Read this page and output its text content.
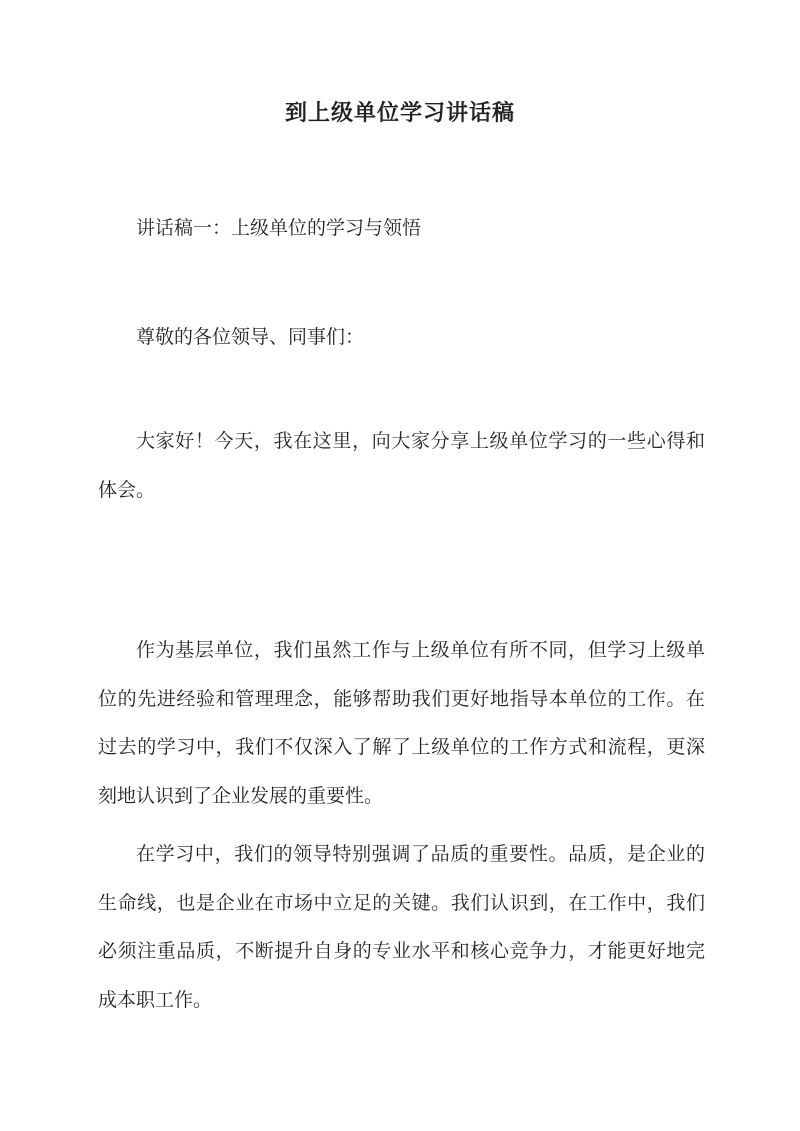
到上级单位学习讲话稿

讲话稿一：上级单位的学习与领悟

尊敬的各位领导、同事们：

大家好！今天，我在这里，向大家分享上级单位学习的一些心得和体会。

作为基层单位，我们虽然工作与上级单位有所不同，但学习上级单位的先进经验和管理理念，能够帮助我们更好地指导本单位的工作。在过去的学习中，我们不仅深入了解了上级单位的工作方式和流程，更深刻地认识到了企业发展的重要性。

在学习中，我们的领导特别强调了品质的重要性。品质，是企业的生命线，也是企业在市场中立足的关键。我们认识到，在工作中，我们必须注重品质，不断提升自身的专业水平和核心竞争力，才能更好地完成本职工作。
